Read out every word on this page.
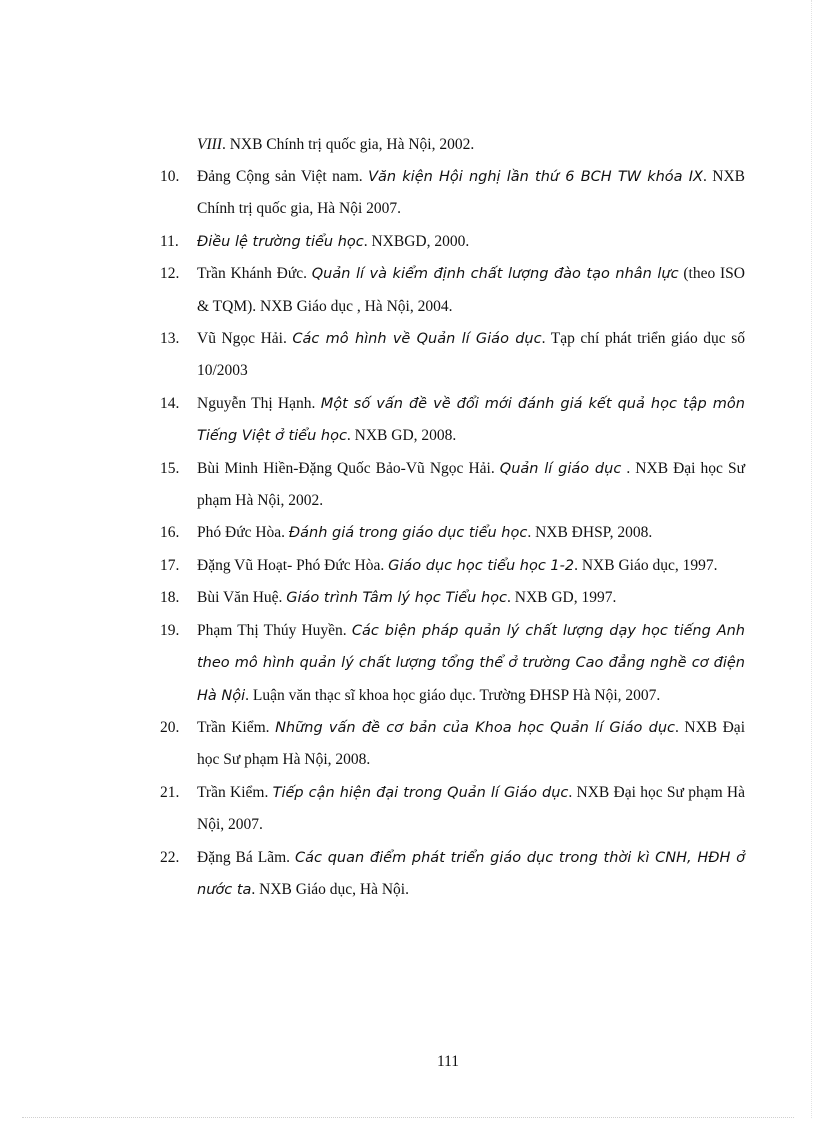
VIII. NXB Chính trị quốc gia, Hà Nội, 2002.
10. Đảng Cộng sản Việt nam. Văn kiện Hội nghị lần thứ 6 BCH TW khóa IX. NXB Chính trị quốc gia, Hà Nội 2007.
11. Điều lệ trường tiểu học. NXBGD, 2000.
12. Trần Khánh Đức. Quản lí và kiểm định chất lượng đào tạo nhân lực (theo ISO & TQM). NXB Giáo dục , Hà Nội, 2004.
13. Vũ Ngọc Hải. Các mô hình về Quản lí Giáo dục. Tạp chí phát triển giáo dục số 10/2003
14. Nguyễn Thị Hạnh. Một số vấn đề về đổi mới đánh giá kết quả học tập môn Tiếng Việt ở tiểu học. NXB GD, 2008.
15. Bùi Minh Hiền-Đặng Quốc Bảo-Vũ Ngọc Hải. Quản lí giáo dục . NXB Đại học Sư phạm Hà Nội, 2002.
16. Phó Đức Hòa. Đánh giá trong giáo dục tiểu học. NXB ĐHSP, 2008.
17. Đặng Vũ Hoạt- Phó Đức Hòa. Giáo dục học tiểu học 1-2. NXB Giáo dục, 1997.
18. Bùi Văn Huệ. Giáo trình Tâm lý học Tiểu học. NXB GD, 1997.
19. Phạm Thị Thúy Huyền. Các biện pháp quản lý chất lượng dạy học tiếng Anh theo mô hình quản lý chất lượng tổng thể ở trường Cao đẳng nghề cơ điện Hà Nội. Luận văn thạc sĩ khoa học giáo dục. Trường ĐHSP Hà Nội, 2007.
20. Trần Kiểm. Những vấn đề cơ bản của Khoa học Quản lí Giáo dục. NXB Đại học Sư phạm Hà Nội, 2008.
21. Trần Kiểm. Tiếp cận hiện đại trong Quản lí Giáo dục. NXB Đại học Sư phạm Hà Nội, 2007.
22. Đặng Bá Lãm. Các quan điểm phát triển giáo dục trong thời kì CNH, HĐH ở nước ta. NXB Giáo dục, Hà Nội.
111
